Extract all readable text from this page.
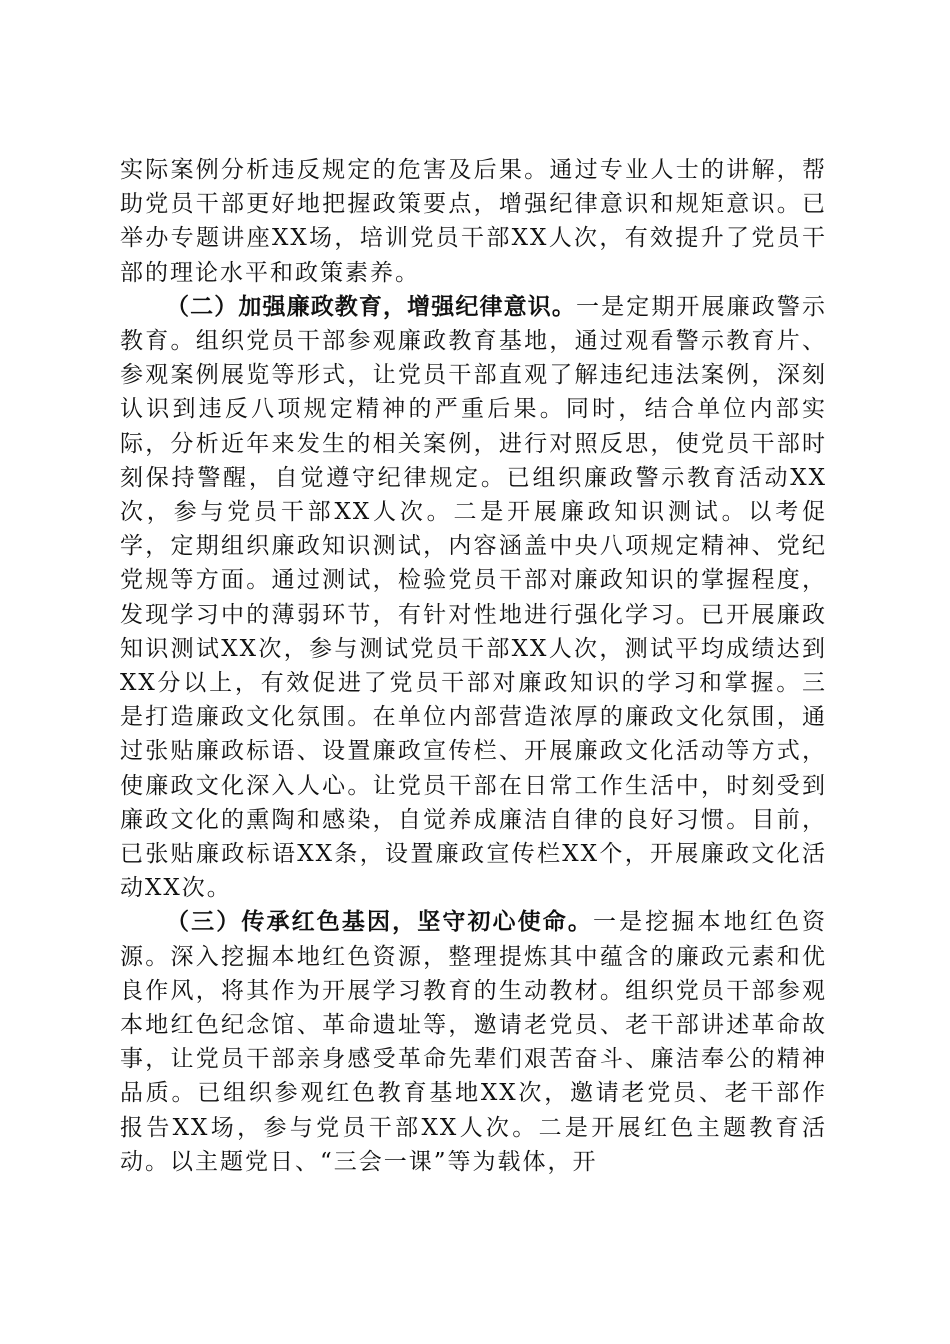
实际案例分析违反规定的危害及后果。通过专业人士的讲解，帮助党员干部更好地把握政策要点，增强纪律意识和规矩意识。已举办专题讲座XX场，培训党员干部XX人次，有效提升了党员干部的理论水平和政策素养。

（二）加强廉政教育，增强纪律意识。一是定期开展廉政警示教育。组织党员干部参观廉政教育基地，通过观看警示教育片、参观案例展览等形式，让党员干部直观了解违纪违法案例，深刻认识到违反八项规定精神的严重后果。同时，结合单位内部实际，分析近年来发生的相关案例，进行对照反思，使党员干部时刻保持警醒，自觉遵守纪律规定。已组织廉政警示教育活动XX次，参与党员干部XX人次。二是开展廉政知识测试。以考促学，定期组织廉政知识测试，内容涵盖中央八项规定精神、党纪党规等方面。通过测试，检验党员干部对廉政知识的掌握程度，发现学习中的薄弱环节，有针对性地进行强化学习。已开展廉政知识测试XX次，参与测试党员干部XX人次，测试平均成绩达到XX分以上，有效促进了党员干部对廉政知识的学习和掌握。三是打造廉政文化氛围。在单位内部营造浓厚的廉政文化氛围，通过张贴廉政标语、设置廉政宣传栏、开展廉政文化活动等方式，使廉政文化深入人心。让党员干部在日常工作生活中，时刻受到廉政文化的熏陶和感染，自觉养成廉洁自律的良好习惯。目前，已张贴廉政标语XX条，设置廉政宣传栏XX个，开展廉政文化活动XX次。

（三）传承红色基因，坚守初心使命。一是挖掘本地红色资源。深入挖掘本地红色资源，整理提炼其中蕴含的廉政元素和优良作风，将其作为开展学习教育的生动教材。组织党员干部参观本地红色纪念馆、革命遗址等，邀请老党员、老干部讲述革命故事，让党员干部亲身感受革命先辈们艰苦奋斗、廉洁奉公的精神品质。已组织参观红色教育基地XX次，邀请老党员、老干部作报告XX场，参与党员干部XX人次。二是开展红色主题教育活动。以主题党日、“三会一课”等为载体，开
